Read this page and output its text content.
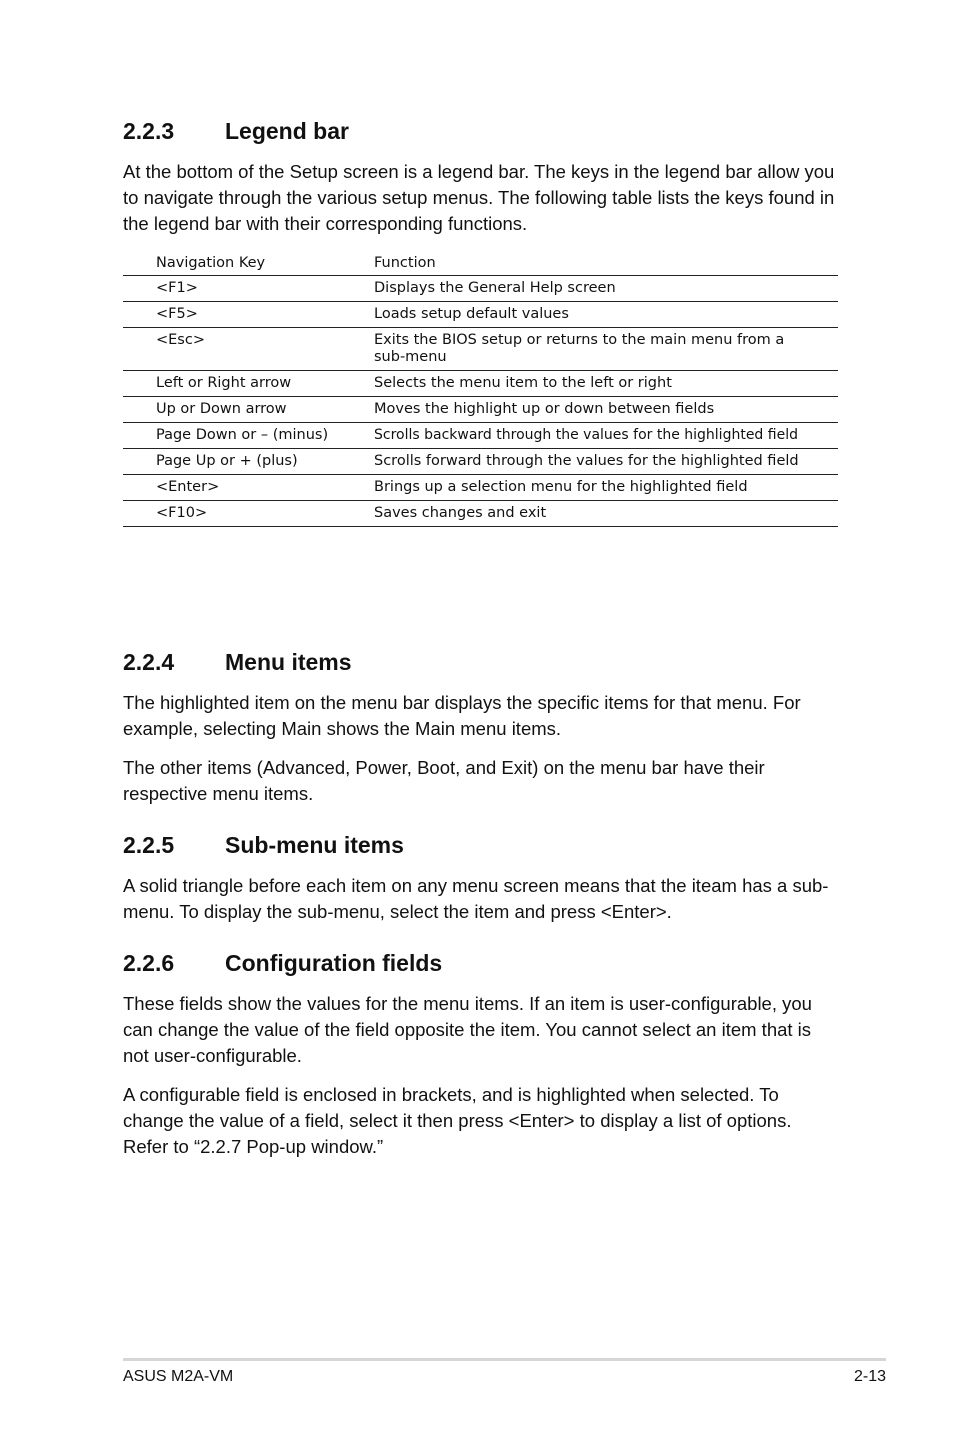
2.2.3	Legend bar

At the bottom of the Setup screen is a legend bar. The keys in the legend bar allow you to navigate through the various setup menus. The following table lists the keys found in the legend bar with their corresponding functions.

Navigation Key	Function
<F1>	Displays the General Help screen
<F5>	Loads setup default values
<Esc>	Exits the BIOS setup or returns to the main menu from a sub-menu
Left or Right arrow	Selects the menu item to the left or right
Up or Down arrow	Moves the highlight up or down between fields
Page Down or – (minus)	Scrolls backward through the values for the highlighted field
Page Up or + (plus)	Scrolls forward through the values for the highlighted field
<Enter>	Brings up a selection menu for the highlighted field
<F10>	Saves changes and exit
2.2.4	Menu items

The highlighted item on the menu bar displays the specific items for that menu. For example, selecting Main shows the Main menu items.

The other items (Advanced, Power, Boot, and Exit) on the menu bar have their respective menu items.

2.2.5	Sub-menu items

A solid triangle before each item on any menu screen means that the iteam has a sub-menu. To display the sub-menu, select the item and press <Enter>.

2.2.6	Configuration fields

These fields show the values for the menu items. If an item is user-configurable, you can change the value of the field opposite the item. You cannot select an item that is not user-configurable.

A configurable field is enclosed in brackets, and is highlighted when selected. To change the value of a field, select it then press <Enter> to display a list of options. Refer to “2.2.7 Pop-up window.”

ASUS M2A-VM	2-13
